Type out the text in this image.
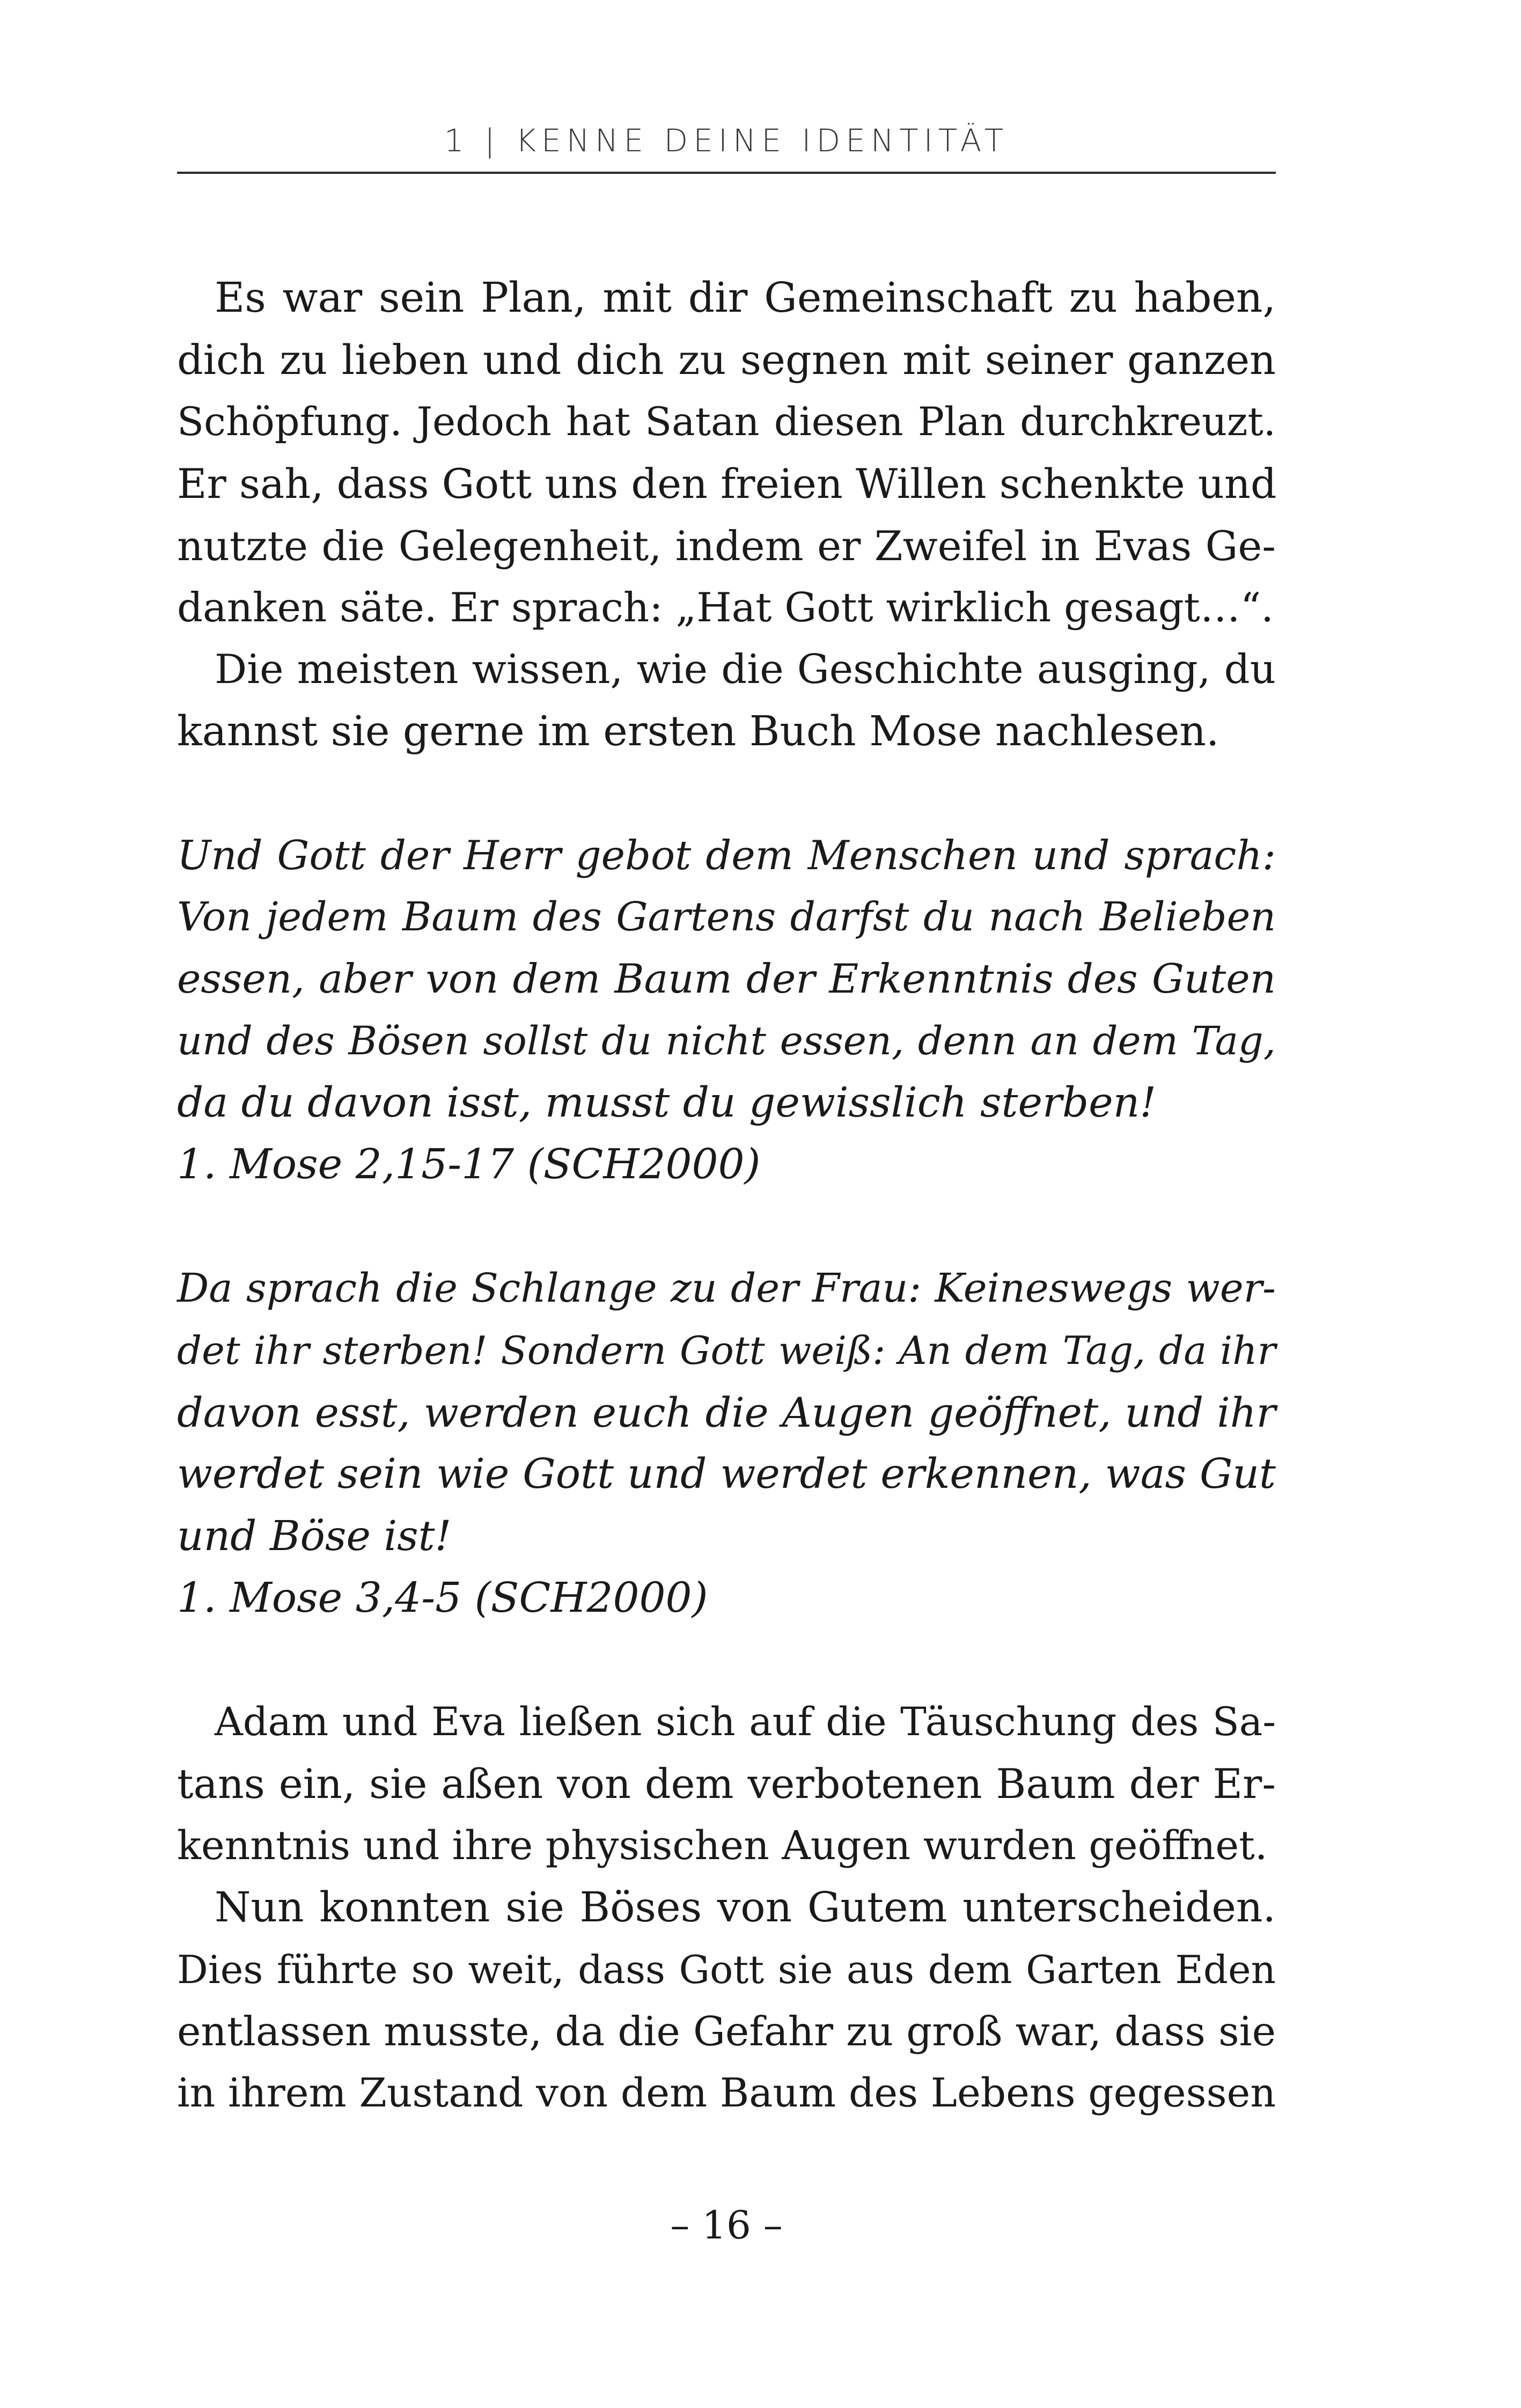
1 | KENNE DEINE IDENTITÄT
Es war sein Plan, mit dir Gemeinschaft zu haben,
dich zu lieben und dich zu segnen mit seiner ganzen
Schöpfung. Jedoch hat Satan diesen Plan durchkreuzt.
Er sah, dass Gott uns den freien Willen schenkte und
nutzte die Gelegenheit, indem er Zweifel in Evas Ge-
danken säte. Er sprach: „Hat Gott wirklich gesagt…“.
Die meisten wissen, wie die Geschichte ausging, du
kannst sie gerne im ersten Buch Mose nachlesen.
Und Gott der Herr gebot dem Menschen und sprach:
Von jedem Baum des Gartens darfst du nach Belieben
essen, aber von dem Baum der Erkenntnis des Guten
und des Bösen sollst du nicht essen, denn an dem Tag,
da du davon isst, musst du gewisslich sterben!
1. Mose 2,15-17 (SCH2000)
Da sprach die Schlange zu der Frau: Keineswegs wer-
det ihr sterben! Sondern Gott weiß: An dem Tag, da ihr
davon esst, werden euch die Augen geöffnet, und ihr
werdet sein wie Gott und werdet erkennen, was Gut
und Böse ist!
1. Mose 3,4-5 (SCH2000)
Adam und Eva ließen sich auf die Täuschung des Sa-
tans ein, sie aßen von dem verbotenen Baum der Er-
kenntnis und ihre physischen Augen wurden geöffnet.
Nun konnten sie Böses von Gutem unterscheiden.
Dies führte so weit, dass Gott sie aus dem Garten Eden
entlassen musste, da die Gefahr zu groß war, dass sie
in ihrem Zustand von dem Baum des Lebens gegessen
– 16 –
